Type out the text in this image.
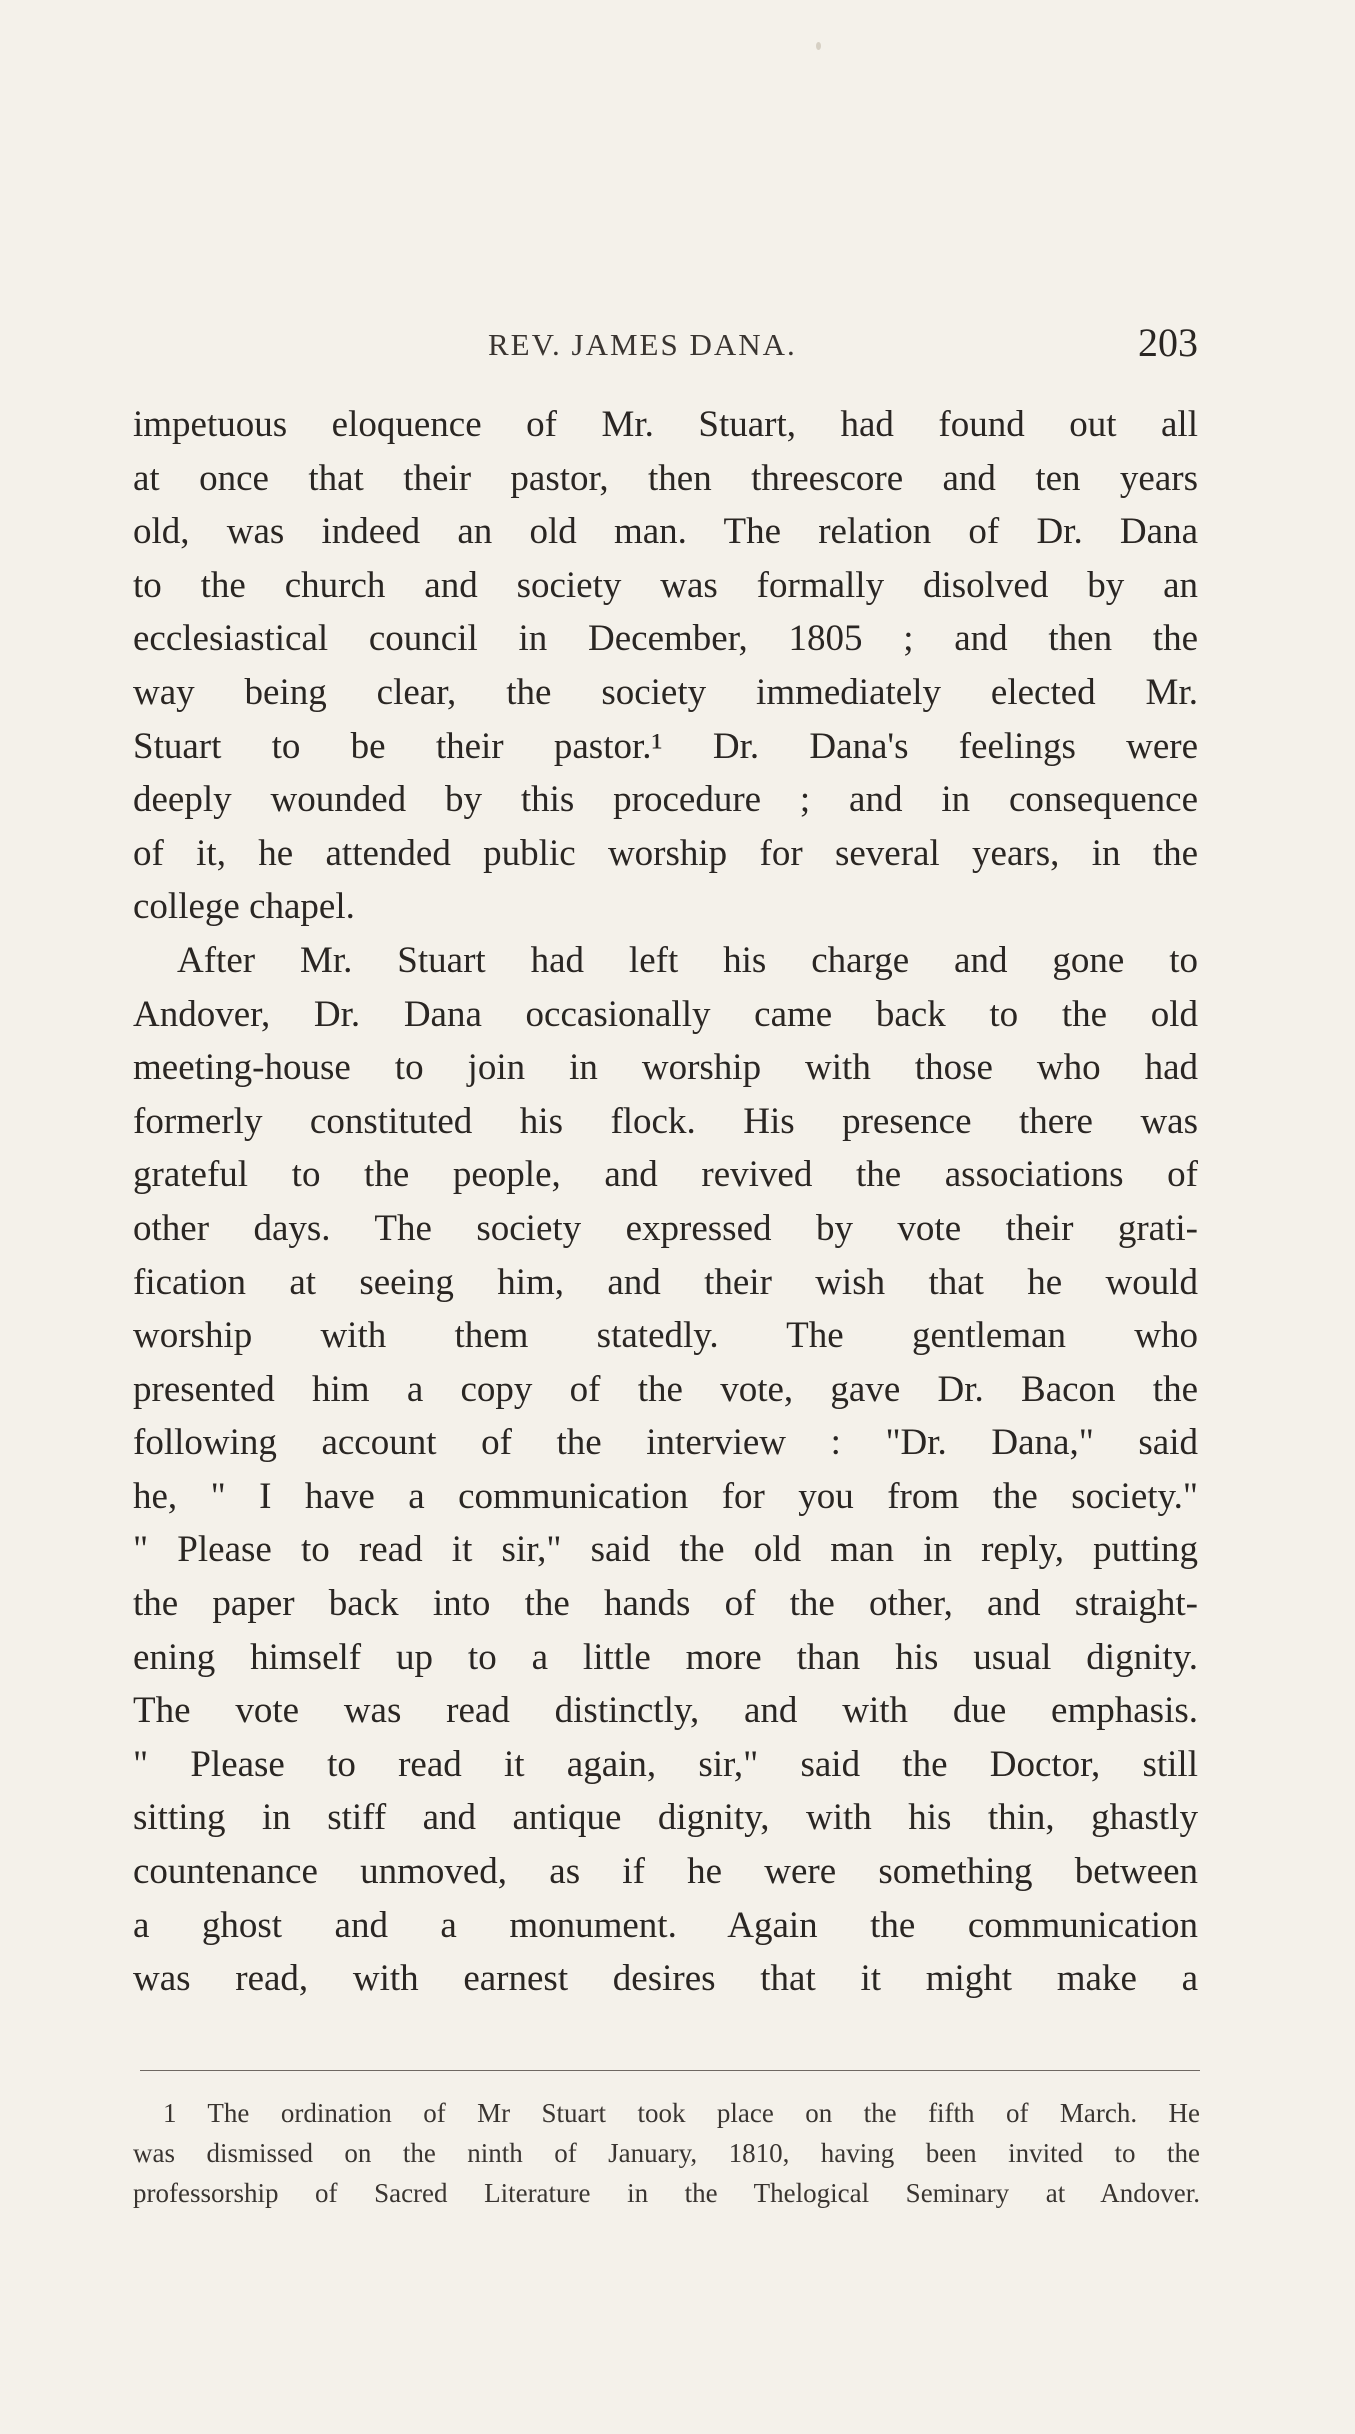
REV. JAMES DANA.	203
impetuous eloquence of Mr. Stuart, had found out all
at once that their pastor, then threescore and ten years
old, was indeed an old man. The relation of Dr. Dana
to the church and society was formally disolved by an
ecclesiastical council in December, 1805 ; and then the
way being clear, the society immediately elected Mr.
Stuart to be their pastor.¹ Dr. Dana's feelings were
deeply wounded by this procedure ; and in consequence
of it, he attended public worship for several years, in the
college chapel.
After Mr. Stuart had left his charge and gone to
Andover, Dr. Dana occasionally came back to the old
meeting-house to join in worship with those who had
formerly constituted his flock. His presence there was
grateful to the people, and revived the associations of
other days. The society expressed by vote their grati-
fication at seeing him, and their wish that he would
worship with them statedly. The gentleman who
presented him a copy of the vote, gave Dr. Bacon the
following account of the interview : "Dr. Dana," said
he, " I have a communication for you from the society."
" Please to read it sir," said the old man in reply, putting
the paper back into the hands of the other, and straight-
ening himself up to a little more than his usual dignity.
The vote was read distinctly, and with due emphasis.
" Please to read it again, sir," said the Doctor, still
sitting in stiff and antique dignity, with his thin, ghastly
countenance unmoved, as if he were something between
a ghost and a monument. Again the communication
was read, with earnest desires that it might make a
1 The ordination of Mr Stuart took place on the fifth of March. He
was dismissed on the ninth of January, 1810, having been invited to the
professorship of Sacred Literature in the Thelogical Seminary at Andover.
